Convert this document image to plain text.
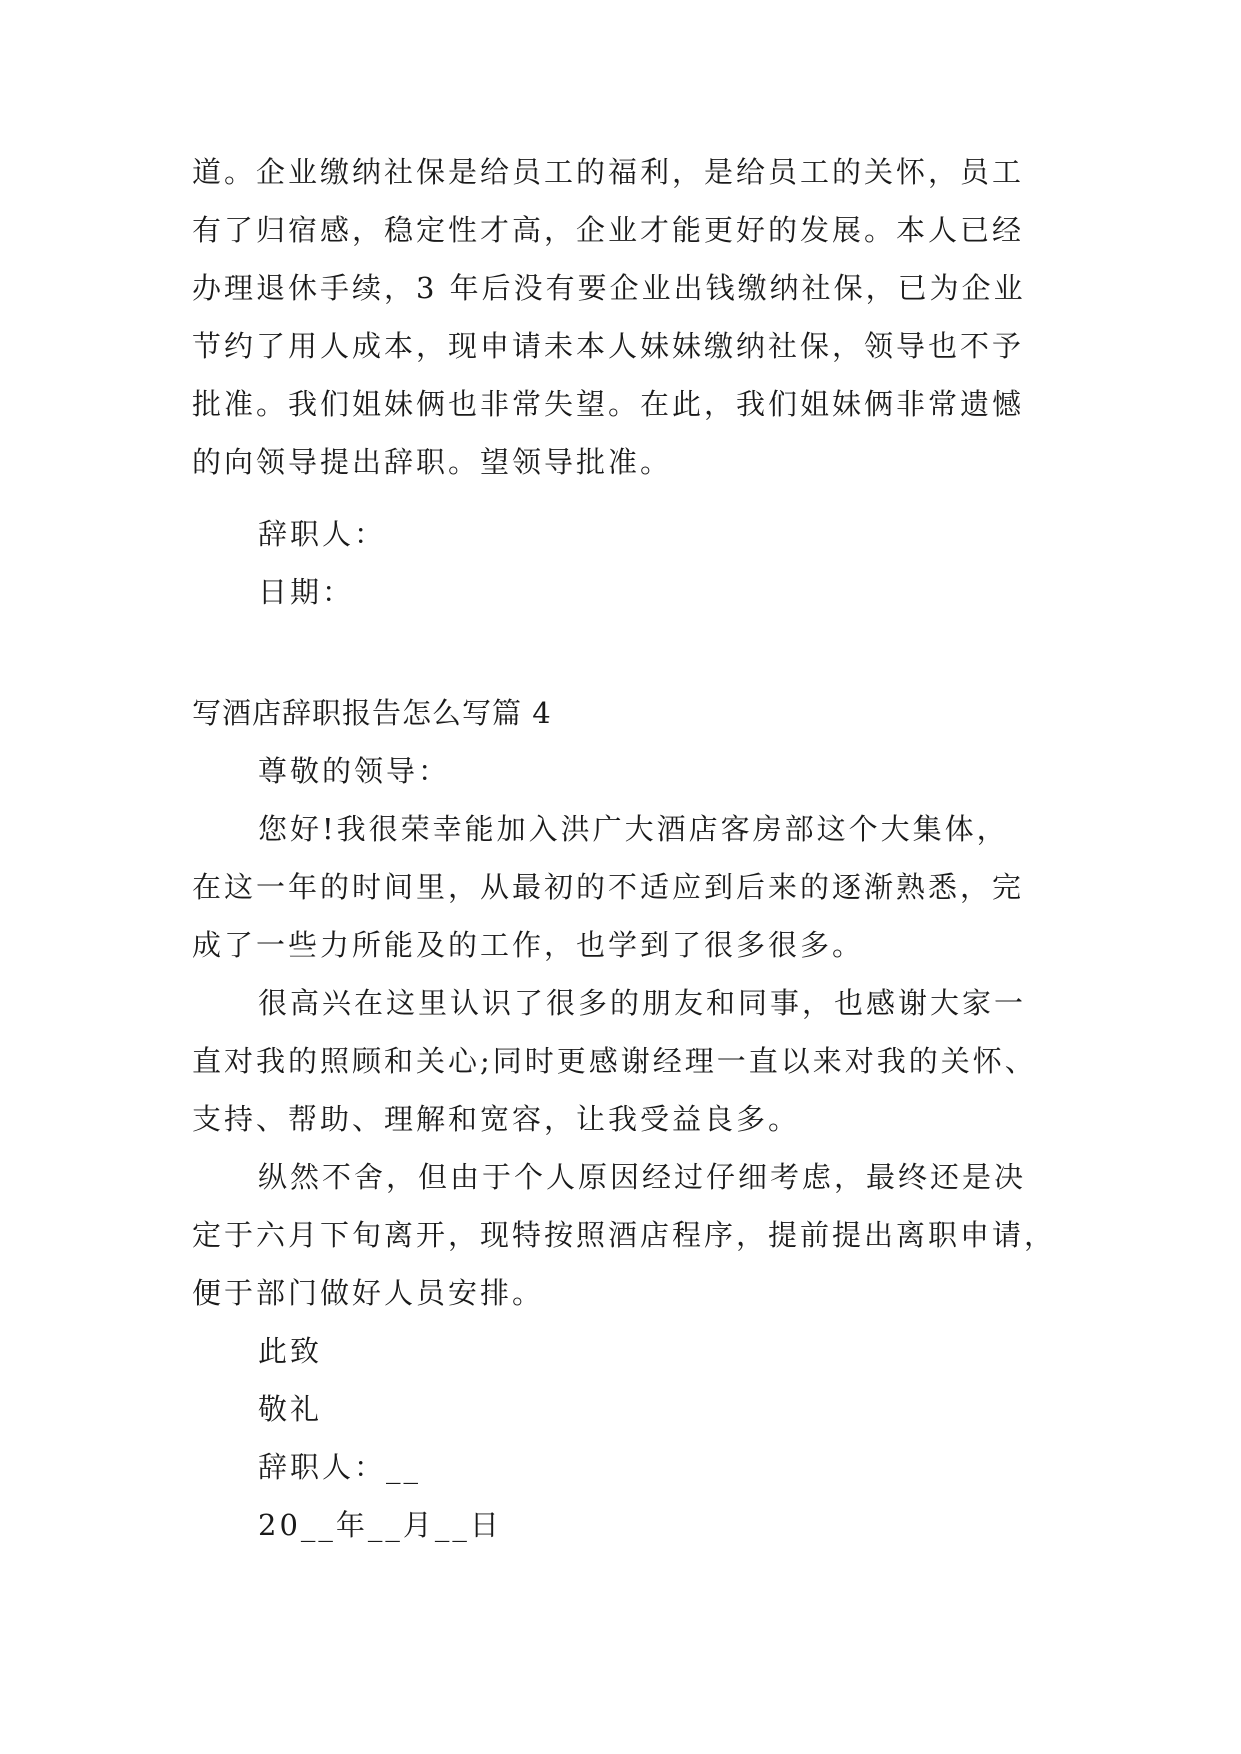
道。企业缴纳社保是给员工的福利，是给员工的关怀，员工
有了归宿感，稳定性才高，企业才能更好的发展。本人已经
办理退休手续，3 年后没有要企业出钱缴纳社保，已为企业
节约了用人成本，现申请未本人妹妹缴纳社保，领导也不予
批准。我们姐妹俩也非常失望。在此，我们姐妹俩非常遗憾
的向领导提出辞职。望领导批准。
辞职人：
日期：
写酒店辞职报告怎么写篇 4
尊敬的领导：
您好!我很荣幸能加入洪广大酒店客房部这个大集体，
在这一年的时间里，从最初的不适应到后来的逐渐熟悉，完
成了一些力所能及的工作，也学到了很多很多。
很高兴在这里认识了很多的朋友和同事，也感谢大家一
直对我的照顾和关心;同时更感谢经理一直以来对我的关怀、
支持、帮助、理解和宽容，让我受益良多。
纵然不舍，但由于个人原因经过仔细考虑，最终还是决
定于六月下旬离开，现特按照酒店程序，提前提出离职申请，
便于部门做好人员安排。
此致
敬礼
辞职人：__
20__年__月__日
